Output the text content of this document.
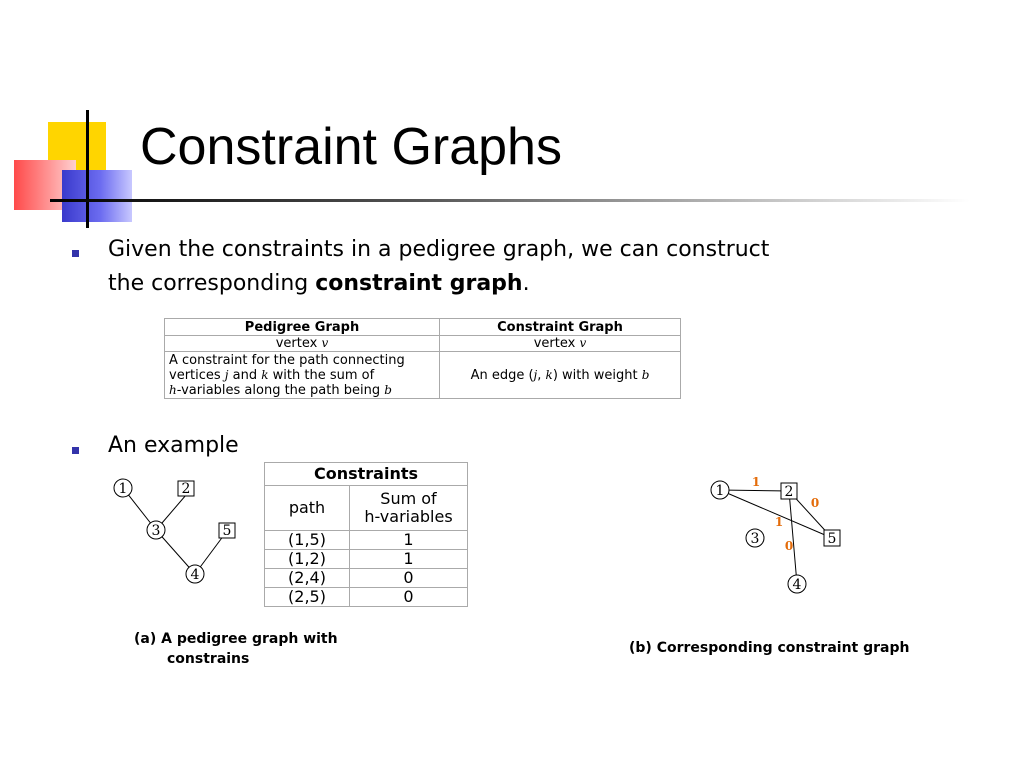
Constraint Graphs
Given the constraints in a pedigree graph, we can construct
the corresponding constraint graph.
Pedigree Graph	Constraint Graph
vertex v	vertex v

A constraint for the path connecting
vertices j and k with the sum of
h-variables along the path being b	An edge (j, k) with weight b
An example
1	2
3	5
4
Constraints	
path	Sum of
h-variables

(1,5)	1
(1,2)	1
(2,4)	0
(2,5)	0
1	2
3	5
4
1
0
1
0
(a) A pedigree graph with
constrains
(b) Corresponding constraint graph
